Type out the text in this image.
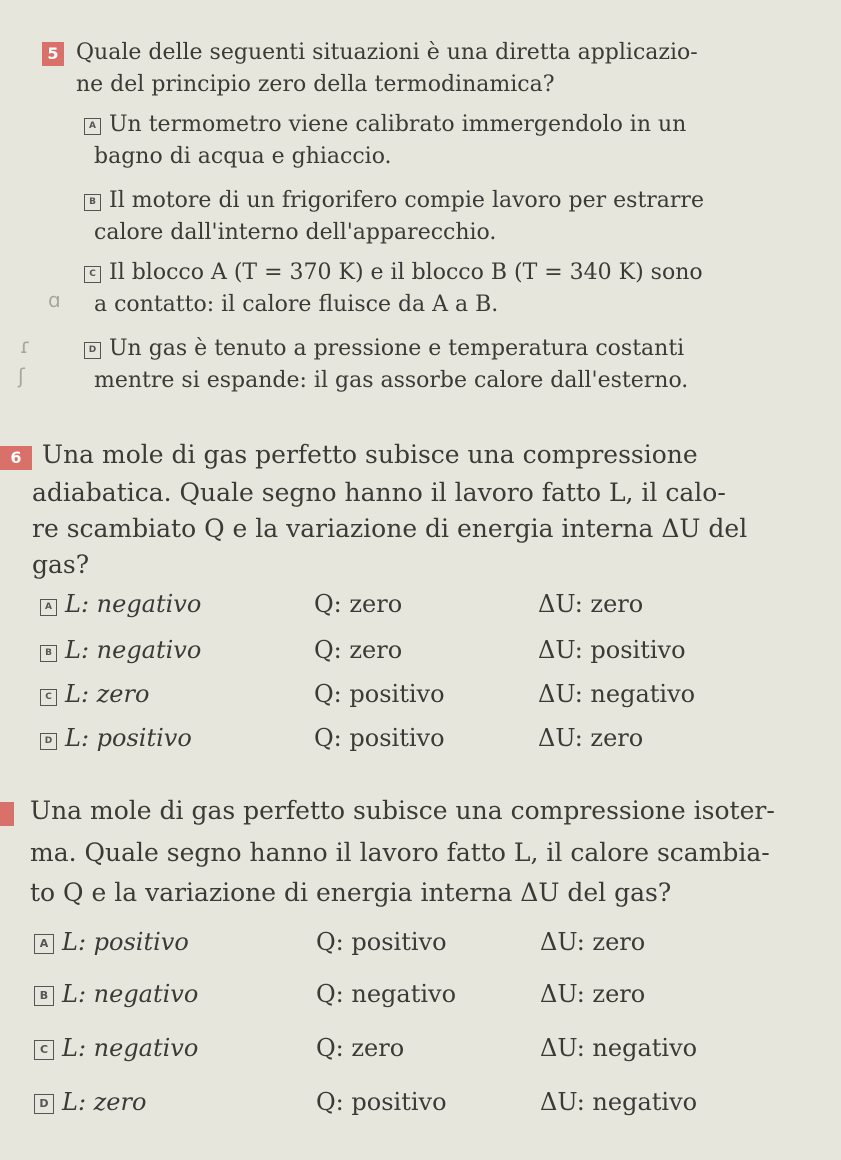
5 Quale delle seguenti situazioni è una diretta applicazio-
ne del principio zero della termodinamica?
A Un termometro viene calibrato immergendolo in un
bagno di acqua e ghiaccio.
B Il motore di un frigorifero compie lavoro per estrarre
calore dall'interno dell'apparecchio.
C Il blocco A (T = 370 K) e il blocco B (T = 340 K) sono
a contatto: il calore fluisce da A a B.
D Un gas è tenuto a pressione e temperatura costanti
mentre si espande: il gas assorbe calore dall'esterno.
ɑ
ɾ
ʃ
6 Una mole di gas perfetto subisce una compressione
adiabatica. Quale segno hanno il lavoro fatto L, il calo-
re scambiato Q e la variazione di energia interna ΔU del
gas?
A L: negativo	Q: zero	ΔU: zero
B L: negativo	Q: zero	ΔU: positivo
C L: zero	Q: positivo	ΔU: negativo
D L: positivo	Q: positivo	ΔU: zero
Una mole di gas perfetto subisce una compressione isoter-
ma. Quale segno hanno il lavoro fatto L, il calore scambia-
to Q e la variazione di energia interna ΔU del gas?
A L: positivo	Q: positivo	ΔU: zero
B L: negativo	Q: negativo	ΔU: zero
C L: negativo	Q: zero	ΔU: negativo
D L: zero	Q: positivo	ΔU: negativo
